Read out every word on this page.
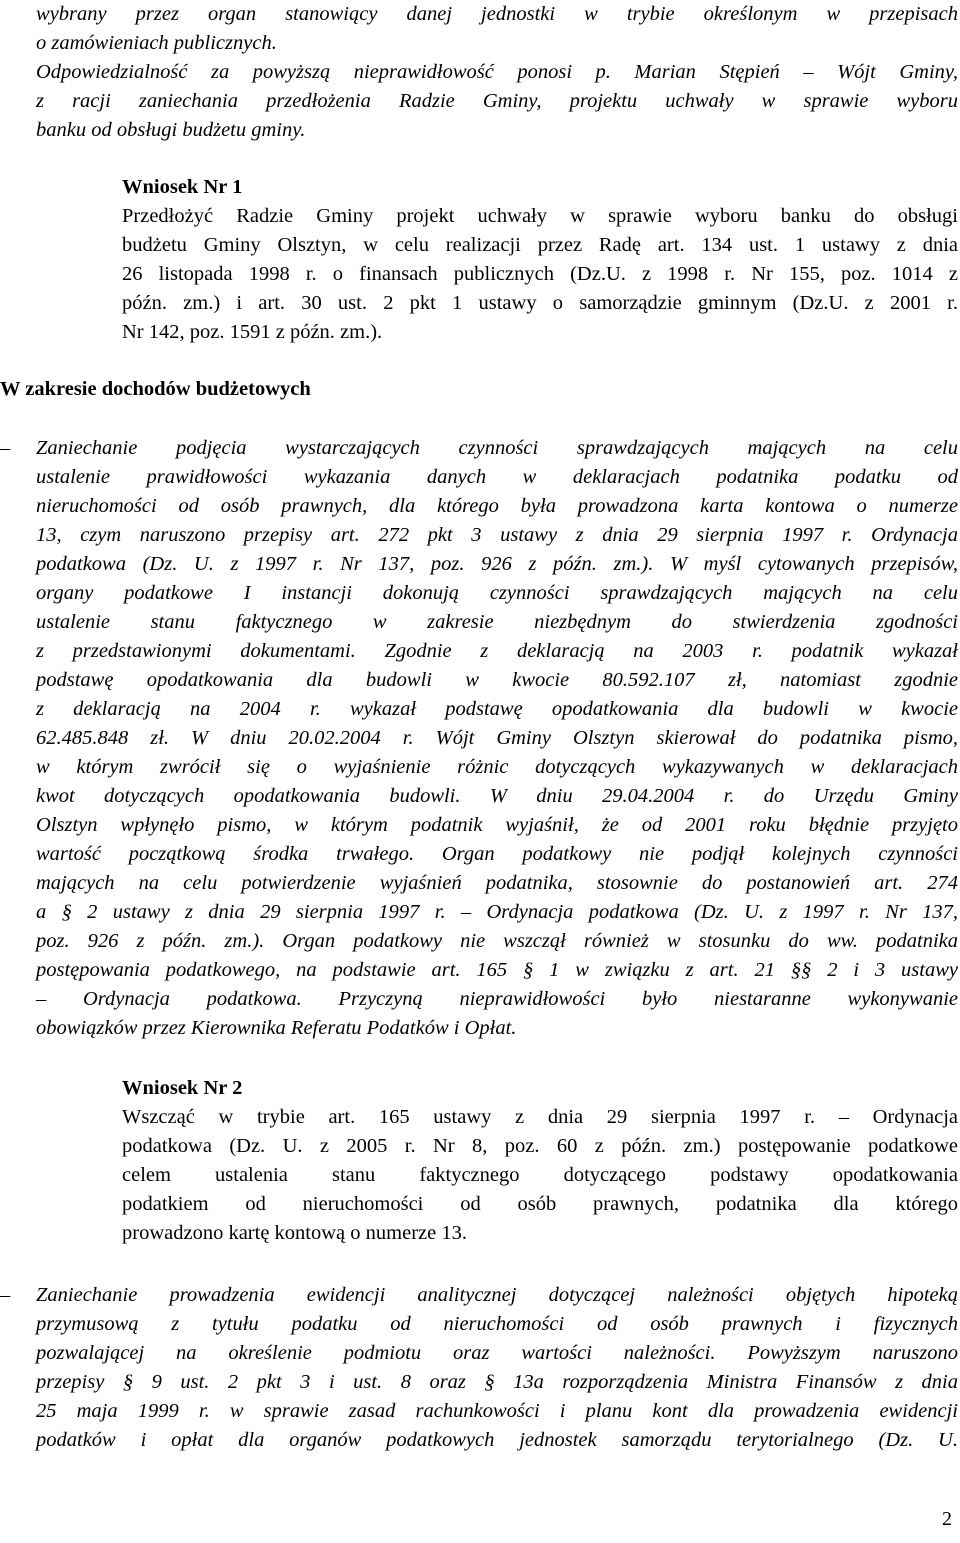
wybrany przez organ stanowiący danej jednostki w trybie określonym w przepisach
o zamówieniach publicznych.
Odpowiedzialność za powyższą nieprawidłowość ponosi p. Marian Stępień – Wójt Gminy,
z racji zaniechania przedłożenia Radzie Gminy, projektu uchwały w sprawie wyboru
banku od obsługi budżetu gminy.
Wniosek Nr 1
Przedłożyć Radzie Gminy projekt uchwały w sprawie wyboru banku do obsługi
budżetu Gminy Olsztyn, w celu realizacji przez Radę art. 134 ust. 1 ustawy z dnia
26 listopada 1998 r. o finansach publicznych (Dz.U. z 1998 r. Nr 155, poz. 1014 z
późn. zm.) i art. 30 ust. 2 pkt 1 ustawy o samorządzie gminnym (Dz.U. z 2001 r.
Nr 142, poz. 1591 z późn. zm.).
W zakresie dochodów budżetowych
– Zaniechanie podjęcia wystarczających czynności sprawdzających mających na celu
ustalenie prawidłowości wykazania danych w deklaracjach podatnika podatku od
nieruchomości od osób prawnych, dla którego była prowadzona karta kontowa o numerze
13, czym naruszono przepisy art. 272 pkt 3 ustawy z dnia 29 sierpnia 1997 r. Ordynacja
podatkowa (Dz. U. z 1997 r. Nr 137, poz. 926 z późn. zm.). W myśl cytowanych przepisów,
organy podatkowe I instancji dokonują czynności sprawdzających mających na celu
ustalenie stanu faktycznego w zakresie niezbędnym do stwierdzenia zgodności
z przedstawionymi dokumentami. Zgodnie z deklaracją na 2003 r. podatnik wykazał
podstawę opodatkowania dla budowli w kwocie 80.592.107 zł, natomiast zgodnie
z deklaracją na 2004 r. wykazał podstawę opodatkowania dla budowli w kwocie
62.485.848 zł. W dniu 20.02.2004 r. Wójt Gminy Olsztyn skierował do podatnika pismo,
w którym zwrócił się o wyjaśnienie różnic dotyczących wykazywanych w deklaracjach
kwot dotyczących opodatkowania budowli. W dniu 29.04.2004 r. do Urzędu Gminy
Olsztyn wpłynęło pismo, w którym podatnik wyjaśnił, że od 2001 roku błędnie przyjęto
wartość początkową środka trwałego. Organ podatkowy nie podjął kolejnych czynności
mających na celu potwierdzenie wyjaśnień podatnika, stosownie do postanowień art. 274
a § 2 ustawy z dnia 29 sierpnia 1997 r. – Ordynacja podatkowa (Dz. U. z 1997 r. Nr 137,
poz. 926 z późn. zm.). Organ podatkowy nie wszczął również w stosunku do ww. podatnika
postępowania podatkowego, na podstawie art. 165 § 1 w związku z art. 21 §§ 2 i 3 ustawy
– Ordynacja podatkowa. Przyczyną nieprawidłowości było niestaranne wykonywanie
obowiązków przez Kierownika Referatu Podatków i Opłat.
Wniosek Nr 2
Wszcząć w trybie art. 165 ustawy z dnia 29 sierpnia 1997 r. – Ordynacja
podatkowa (Dz. U. z 2005 r. Nr 8, poz. 60 z późn. zm.) postępowanie podatkowe
celem ustalenia stanu faktycznego dotyczącego podstawy opodatkowania
podatkiem od nieruchomości od osób prawnych, podatnika dla którego
prowadzono kartę kontową o numerze 13.
– Zaniechanie prowadzenia ewidencji analitycznej dotyczącej należności objętych hipoteką
przymusową z tytułu podatku od nieruchomości od osób prawnych i fizycznych
pozwalającej na określenie podmiotu oraz wartości należności. Powyższym naruszono
przepisy § 9 ust. 2 pkt 3 i ust. 8 oraz § 13a rozporządzenia Ministra Finansów z dnia
25 maja 1999 r. w sprawie zasad rachunkowości i planu kont dla prowadzenia ewidencji
podatków i opłat dla organów podatkowych jednostek samorządu terytorialnego (Dz. U.
2
